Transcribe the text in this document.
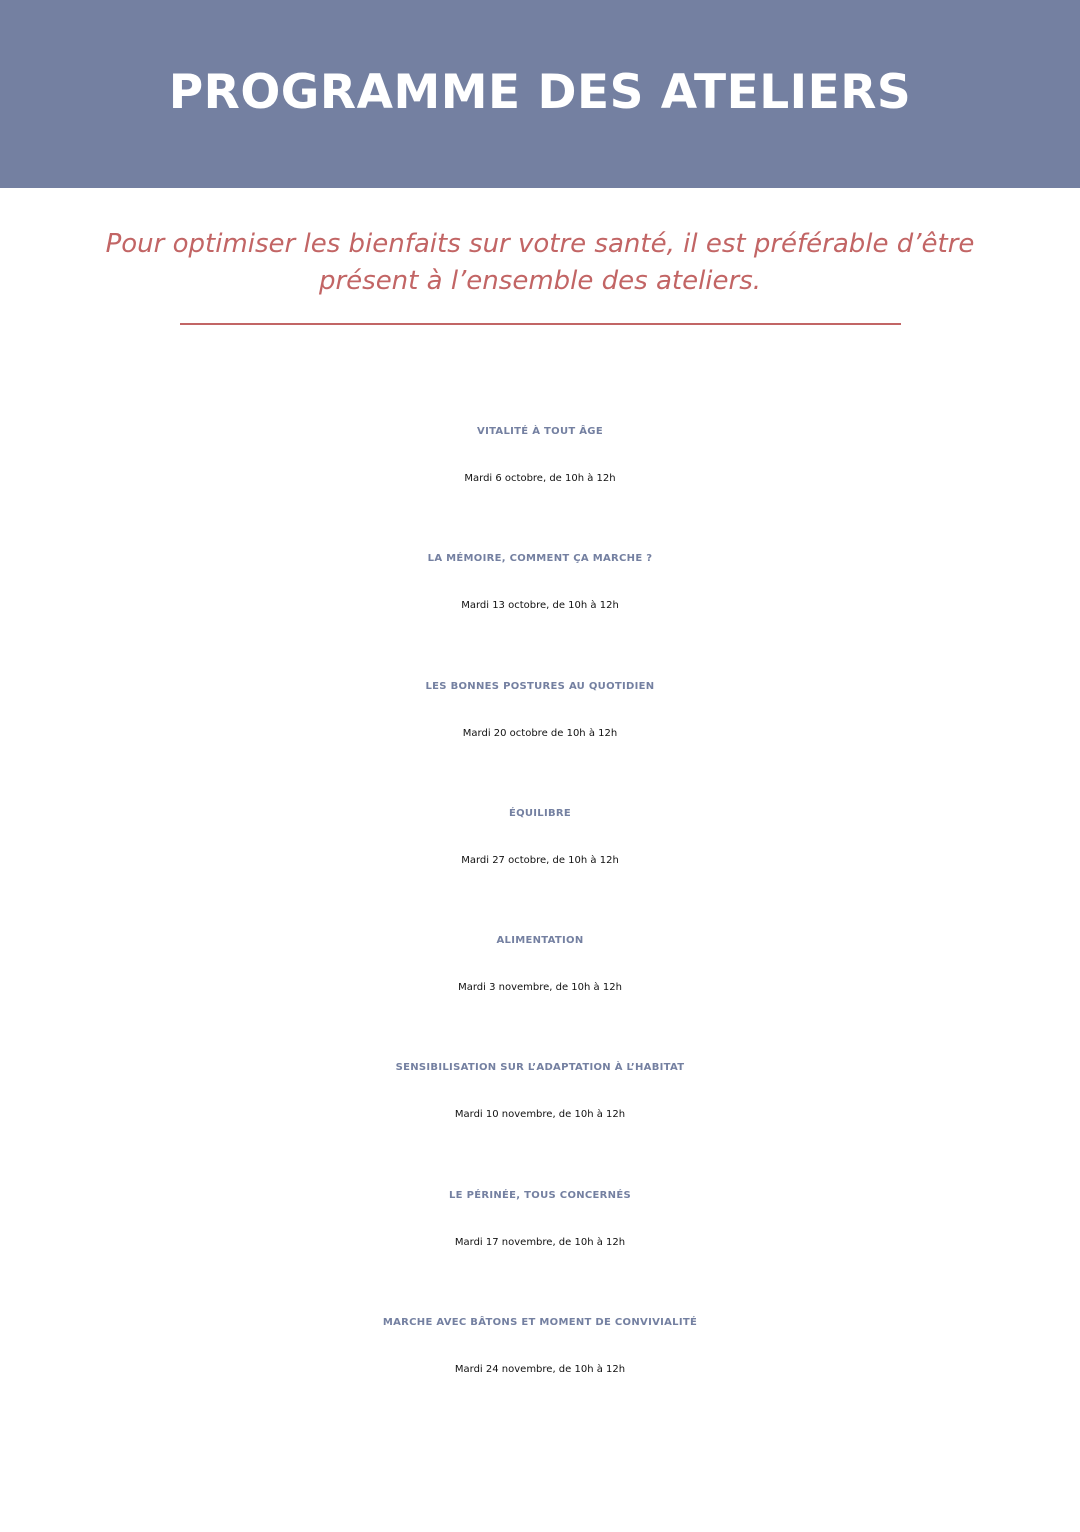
PROGRAMME DES ATELIERS

Pour optimiser les bienfaits sur votre santé, il est préférable d’être

présent à l’ensemble des ateliers.

VITALITÉ À TOUT ÂGE
Mardi 6 octobre, de 10h à 12h
LA MÉMOIRE, COMMENT ÇA MARCHE ?
Mardi 13 octobre, de 10h à 12h
LES BONNES POSTURES AU QUOTIDIEN
Mardi 20 octobre de 10h à 12h
ÉQUILIBRE
Mardi 27 octobre, de 10h à 12h
ALIMENTATION
Mardi 3 novembre, de 10h à 12h
SENSIBILISATION SUR L’ADAPTATION À L’HABITAT
Mardi 10 novembre, de 10h à 12h
LE PÉRINÉE, TOUS CONCERNÉS
Mardi 17 novembre, de 10h à 12h
MARCHE AVEC BÂTONS ET MOMENT DE CONVIVIALITÉ
Mardi 24 novembre, de 10h à 12h
